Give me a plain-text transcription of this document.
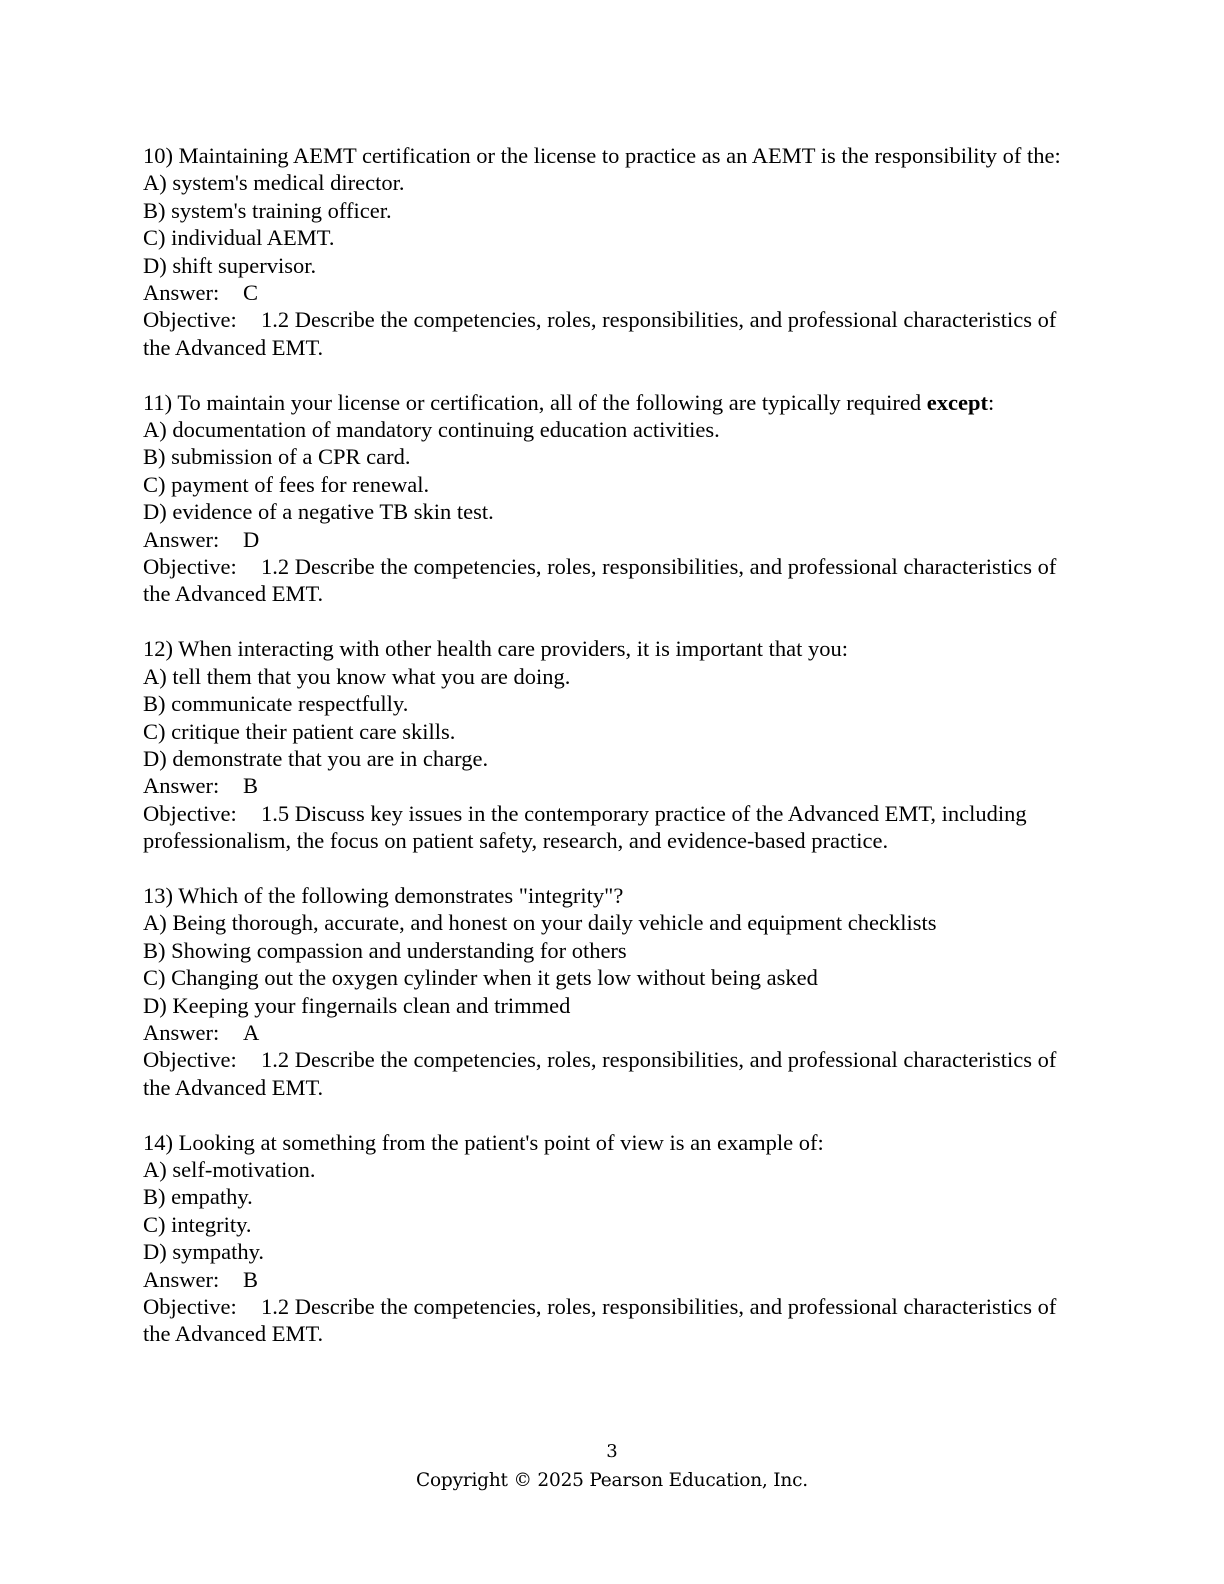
10) Maintaining AEMT certification or the license to practice as an AEMT is the responsibility of the:
A) system's medical director.
B) system's training officer.
C) individual AEMT.
D) shift supervisor.
Answer: C
Objective: 1.2 Describe the competencies, roles, responsibilities, and professional characteristics of the Advanced EMT.
11) To maintain your license or certification, all of the following are typically required except:
A) documentation of mandatory continuing education activities.
B) submission of a CPR card.
C) payment of fees for renewal.
D) evidence of a negative TB skin test.
Answer: D
Objective: 1.2 Describe the competencies, roles, responsibilities, and professional characteristics of the Advanced EMT.
12) When interacting with other health care providers, it is important that you:
A) tell them that you know what you are doing.
B) communicate respectfully.
C) critique their patient care skills.
D) demonstrate that you are in charge.
Answer: B
Objective: 1.5 Discuss key issues in the contemporary practice of the Advanced EMT, including professionalism, the focus on patient safety, research, and evidence-based practice.
13) Which of the following demonstrates "integrity"?
A) Being thorough, accurate, and honest on your daily vehicle and equipment checklists
B) Showing compassion and understanding for others
C) Changing out the oxygen cylinder when it gets low without being asked
D) Keeping your fingernails clean and trimmed
Answer: A
Objective: 1.2 Describe the competencies, roles, responsibilities, and professional characteristics of the Advanced EMT.
14) Looking at something from the patient's point of view is an example of:
A) self-motivation.
B) empathy.
C) integrity.
D) sympathy.
Answer: B
Objective: 1.2 Describe the competencies, roles, responsibilities, and professional characteristics of the Advanced EMT.
3
Copyright © 2025 Pearson Education, Inc.
